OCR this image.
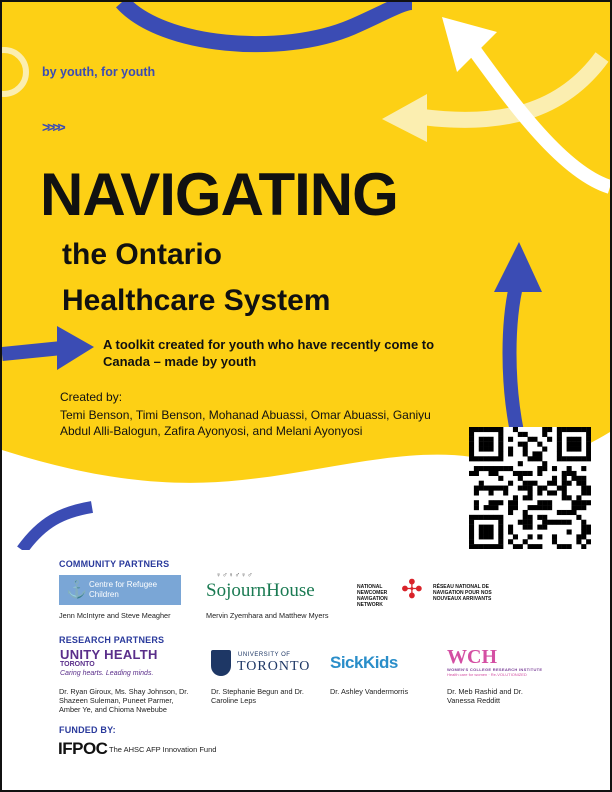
by youth, for youth
>>>>
NAVIGATING
the Ontario
Healthcare System
A toolkit created for youth who have recently come to Canada – made by youth
Created by:
Temi Benson, Timi Benson, Mohanad Abuassi, Omar Abuassi, Ganiyu Abdul Alli-Balogun, Zafira Ayonyosi, and Melani Ayonyosi
COMMUNITY PARTNERS
⚓ Centre for Refugee Children
Jenn McIntyre and Steve Meagher
♀♂♀♂♀♂
SojournHouse
Mervin Zyemhara and Matthew Myers
NATIONAL NEWCOMER NAVIGATION NETWORK
✣ RÉSEAU NATIONAL DE NAVIGATION POUR NOS NOUVEAUX ARRIVANTS
RESEARCH PARTNERS
UNITY HEALTH
TORONTO
Caring hearts. Leading minds.
Dr. Ryan Giroux, Ms. Shay Johnson, Dr. Shazeen Suleman, Puneet Parmer, Amber Ye, and Chioma Nwebube
UNIVERSITY OF
TORONTO
Dr. Stephanie Begun and Dr. Caroline Leps
SickKids
Dr. Ashley Vandermorris
WCH
WOMEN'S COLLEGE RESEARCH INSTITUTE
Health care for women · Re-VOLUTIONIZED
Dr. Meb Rashid and Dr. Vanessa Redditt
FUNDED BY:
IFPOC The AHSC AFP Innovation Fund
